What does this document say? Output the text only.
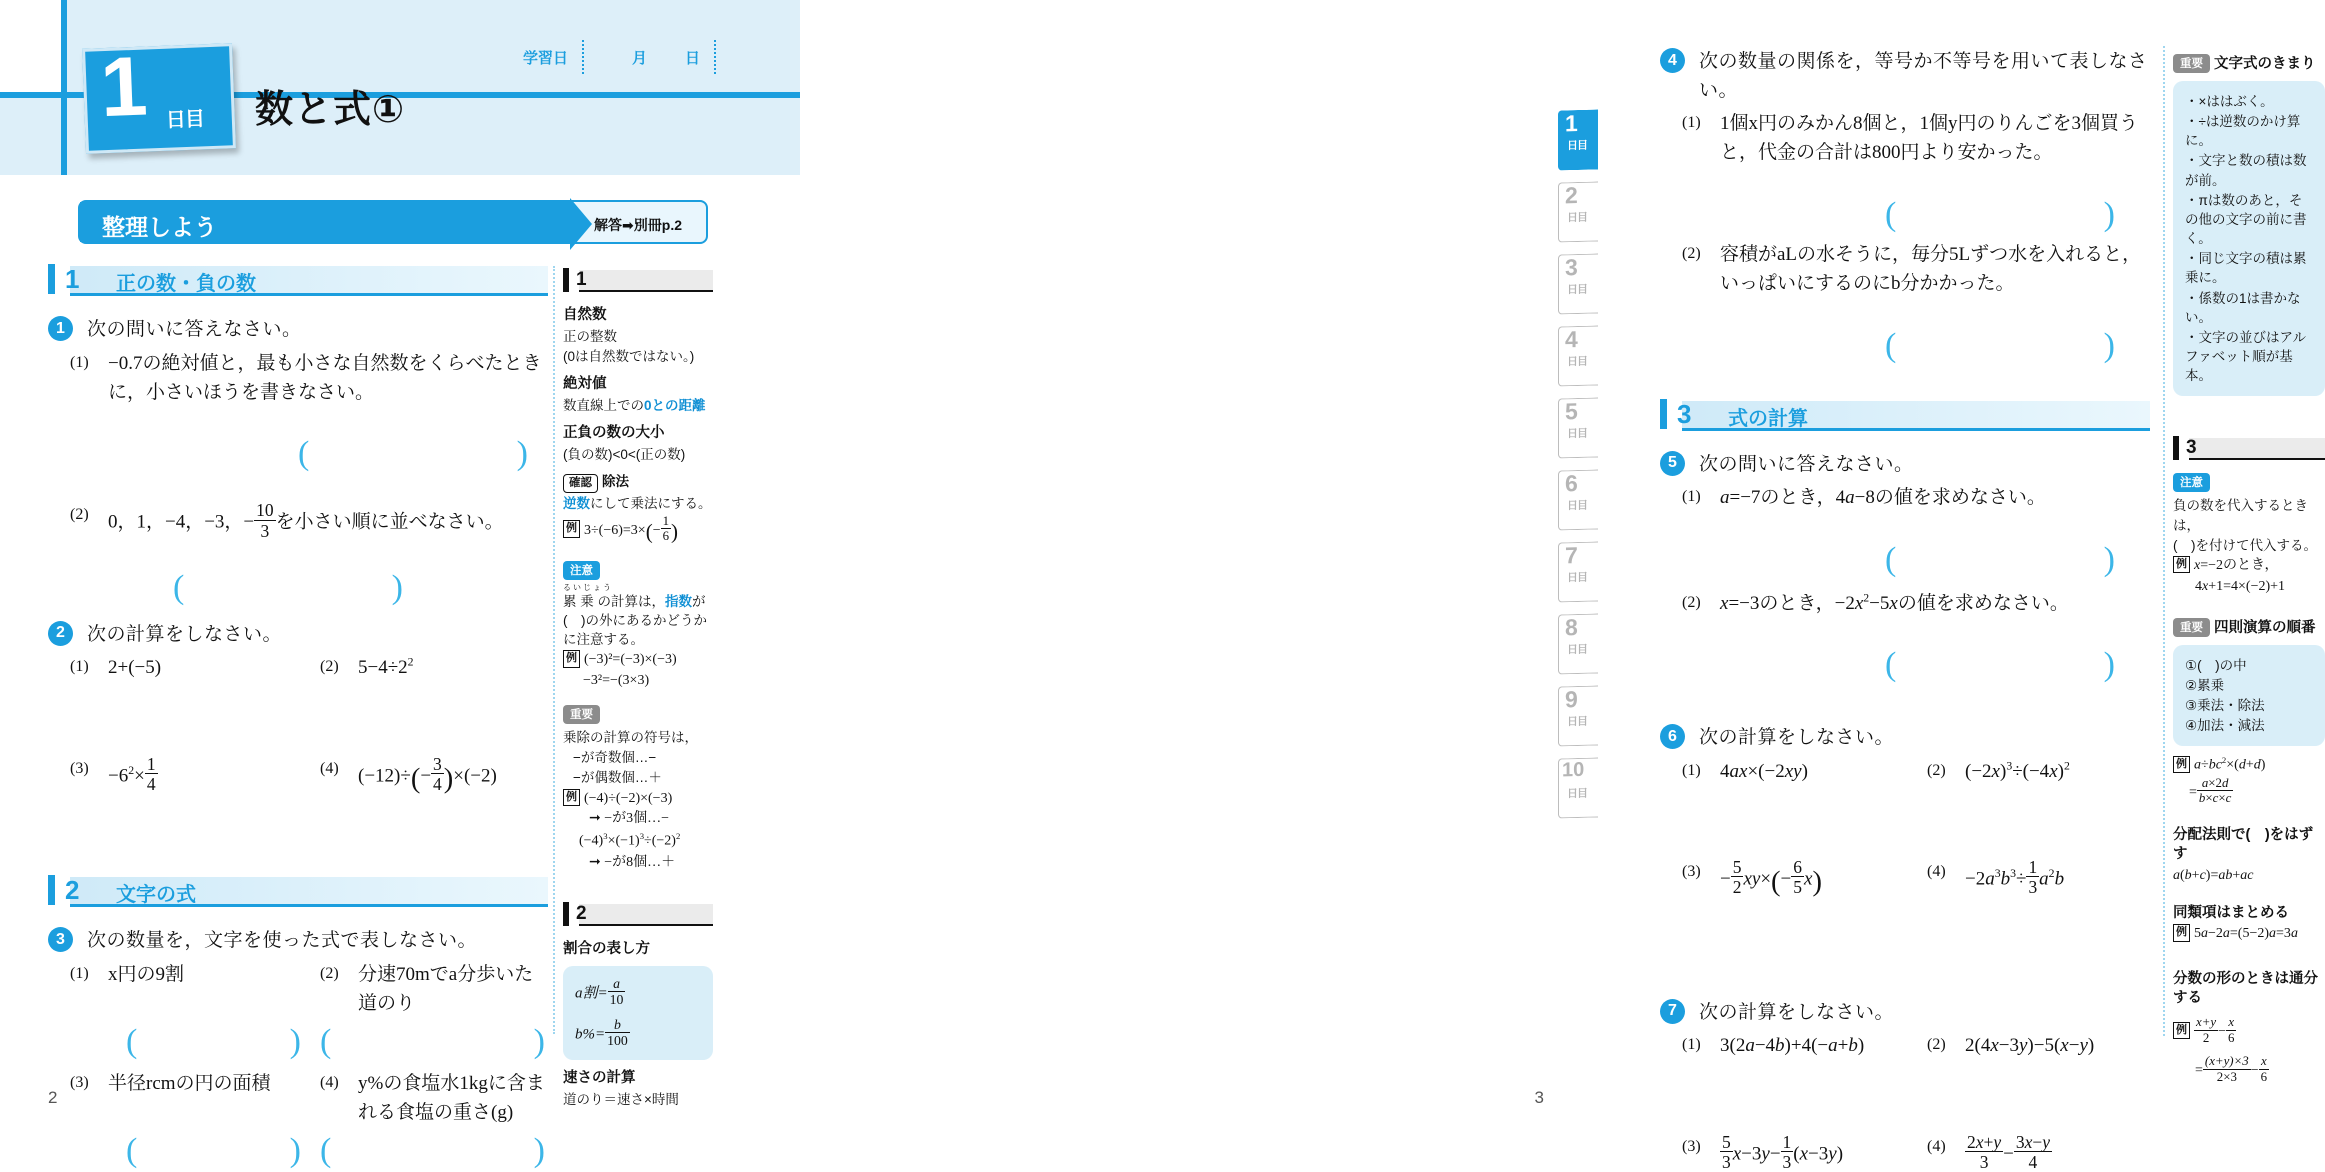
学習日	月	日
1 日目 数と式①
整理しよう	解答➡別冊p.2
1 正の数・負の数
1	次の問いに答えなさい。
(1)	−0.7の絶対値と，最も小さな自然数をくらべたときに，小さいほうを書きなさい。
(	)
(2)	0，1，−4，−3，− $\frac{10}{3}$ を小さい順に並べなさい。
(	)
2	次の計算をしなさい。
(1)	2+(−5)	(2)	$5-4\div 2^2$
(3)	$-6^2\times \frac{1}{4}$	(4)	$(-12)\div(- \frac{3}{4} )\times(-2)$
2 文字の式
3	次の数量を，文字を使った式で表しなさい。
(1)	x円の9割	(2)	分速70mでa分歩いた道のり
(	) (	)
(3)	半径rcmの円の面積	(4)	y%の食塩水1kgに含まれる食塩の重さ(g)
(	) (	)
1
自然数
正の整数
(0は自然数ではない。)
絶対値
数直線上での0との距離
正負の数の大小
(負の数)<0<(正の数)
確認 除法
逆数にして乗法にする。
例 $3\div(-6)=3\times(- \frac{1}{6}$ )
注意
るいじょう
累 乗 の計算は，指数が(　)の外にあるかどうかに注意する。
例 (−3)²=(−3)×(−3)
−3²=−(3×3)
重要
乗除の計算の符号は，
−が奇数個…−
−が偶数個…＋
例 (−4)÷(−2)×(−3)
➞ −が3個…−
$(-4)^3\times(-1)^3\div(-2)^2$
➞ −が8個…＋
2
割合の表し方
a割= $\frac{a}{10}$
$b\%= \frac{b}{100}$
速さの計算
道のり＝速さ×時間
2
4	次の数量の関係を，等号か不等号を用いて表しなさい。
(1)	1個x円のみかん8個と，1個y円のりんごを3個買うと，代金の合計は800円より安かった。
(	)
(2)	容積がaLの水そうに，毎分5Lずつ水を入れると，いっぱいにするのにb分かかった。
(	)
3 式の計算
5	次の問いに答えなさい。
(1)	a=−7のとき，4a−8の値を求めなさい。
(	)
(2)	x=−3のとき，$-2x^2-5x$の値を求めなさい。
(	)
6	次の計算をしなさい。
(1)	4ax×(−2xy)	(2)	$(-2x)^3\div(-4x)^2$
(3)	− $\frac{5}{2} xy\times(- \frac{6}{5} x)$	(4)	$-2a^3b^3\div \frac{1}{3} a^2b$
7	次の計算をしなさい。
(1)	3(2a−4b)+4(−a+b)	(2)	2(4x−3y)−5(x−y)
(3)	$\frac{5}{3} x-3y- \frac{1}{3} (x-3y)$	(4)	$\frac{2x+y}{3} - \frac{3x-y}{4}$
重要 文字式のきまり
・×ははぶく。
・÷は逆数のかけ算に。
・文字と数の積は数が前。
・πは数のあと，その他の文字の前に書く。
・同じ文字の積は累乗に。
・係数の1は書かない。
・文字の並びはアルファベット順が基本。
3
注意
負の数を代入するときは，
(　)を付けて代入する。
例 x=−2のとき，
4x+1=4×(−2)+1
重要 四則演算の順番
①(　)の中
②累乗
③乗法・除法
④加法・減法
例 $a\div bc^2\times(d+d)$
= $\frac{a\times 2d}{b\times c\times c}$
分配法則で(　)をはずす
a(b+c)=ab+ac
同類項はまとめる
例 5a−2a=(5−2)a=3a
分数の形のときは通分する
例 $\frac{x+y}{2} - \frac{x}{6}$
= $\frac{(x+y)\times 3}{2\times 3} - \frac{x}{6}$
1
日目
2
日目
3
日目
4
日目
5
日目
6
日目
7
日目
8
日目
9
日目
10
日目
3
